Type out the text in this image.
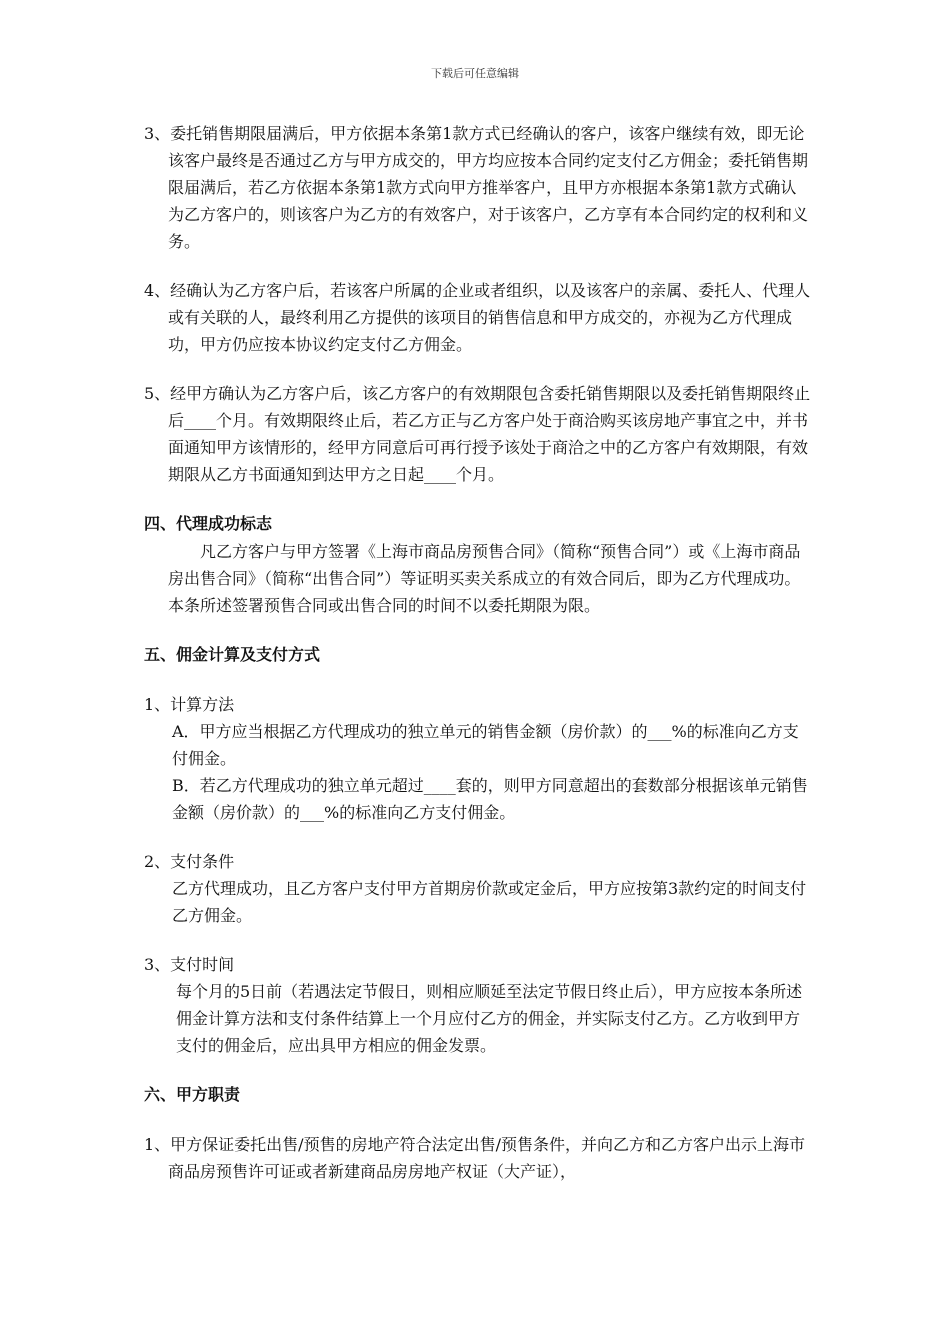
下载后可任意编辑

3、委托销售期限届满后，甲方依据本条第1款方式已经确认的客户，该客户继续有效，即无论该客户最终是否通过乙方与甲方成交的，甲方均应按本合同约定支付乙方佣金；委托销售期限届满后，若乙方依据本条第1款方式向甲方推举客户，且甲方亦根据本条第1款方式确认为乙方客户的，则该客户为乙方的有效客户，对于该客户，乙方享有本合同约定的权利和义务。

4、经确认为乙方客户后，若该客户所属的企业或者组织，以及该客户的亲属、委托人、代理人或有关联的人，最终利用乙方提供的该项目的销售信息和甲方成交的，亦视为乙方代理成功，甲方仍应按本协议约定支付乙方佣金。

5、经甲方确认为乙方客户后，该乙方客户的有效期限包含委托销售期限以及委托销售期限终止后____个月。有效期限终止后，若乙方正与乙方客户处于商洽购买该房地产事宜之中，并书面通知甲方该情形的，经甲方同意后可再行授予该处于商洽之中的乙方客户有效期限，有效期限从乙方书面通知到达甲方之日起____个月。

四、代理成功标志

凡乙方客户与甲方签署《上海市商品房预售合同》（简称“预售合同”）或《上海市商品房出售合同》（简称“出售合同”）等证明买卖关系成立的有效合同后，即为乙方代理成功。本条所述签署预售合同或出售合同的时间不以委托期限为限。

五、佣金计算及支付方式

1、计算方法

A．甲方应当根据乙方代理成功的独立单元的销售金额（房价款）的___%的标准向乙方支付佣金。

B．若乙方代理成功的独立单元超过____套的，则甲方同意超出的套数部分根据该单元销售金额（房价款）的___%的标准向乙方支付佣金。

2、支付条件

乙方代理成功，且乙方客户支付甲方首期房价款或定金后，甲方应按第3款约定的时间支付乙方佣金。

3、支付时间

每个月的5日前（若遇法定节假日，则相应顺延至法定节假日终止后），甲方应按本条所述佣金计算方法和支付条件结算上一个月应付乙方的佣金，并实际支付乙方。乙方收到甲方支付的佣金后，应出具甲方相应的佣金发票。

六、甲方职责

1、甲方保证委托出售/预售的房地产符合法定出售/预售条件，并向乙方和乙方客户出示上海市商品房预售许可证或者新建商品房房地产权证（大产证），
